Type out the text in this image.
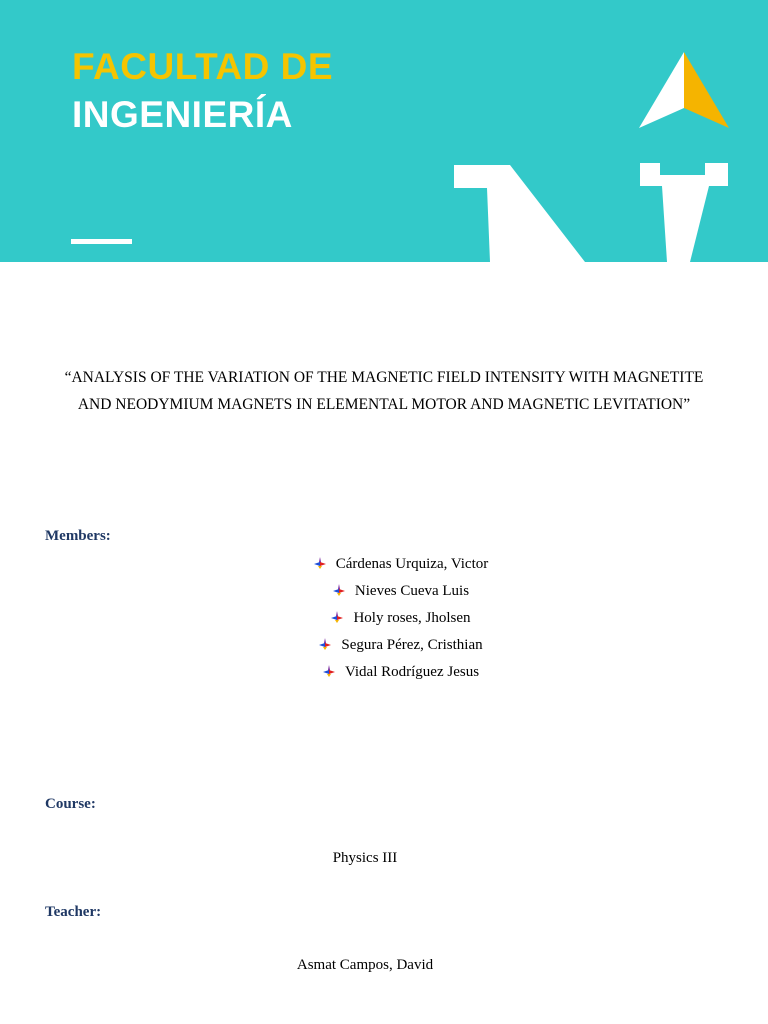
FACULTAD DE
INGENIERÍA
“ANALYSIS OF THE VARIATION OF THE MAGNETIC FIELD INTENSITY WITH MAGNETITE AND NEODYMIUM MAGNETS IN ELEMENTAL MOTOR AND MAGNETIC LEVITATION”
Members:
Cárdenas Urquiza, Victor
Nieves Cueva Luis
Holy roses, Jholsen
Segura Pérez, Cristhian
Vidal Rodríguez Jesus
Course:
Physics III
Teacher:
Asmat Campos, David
